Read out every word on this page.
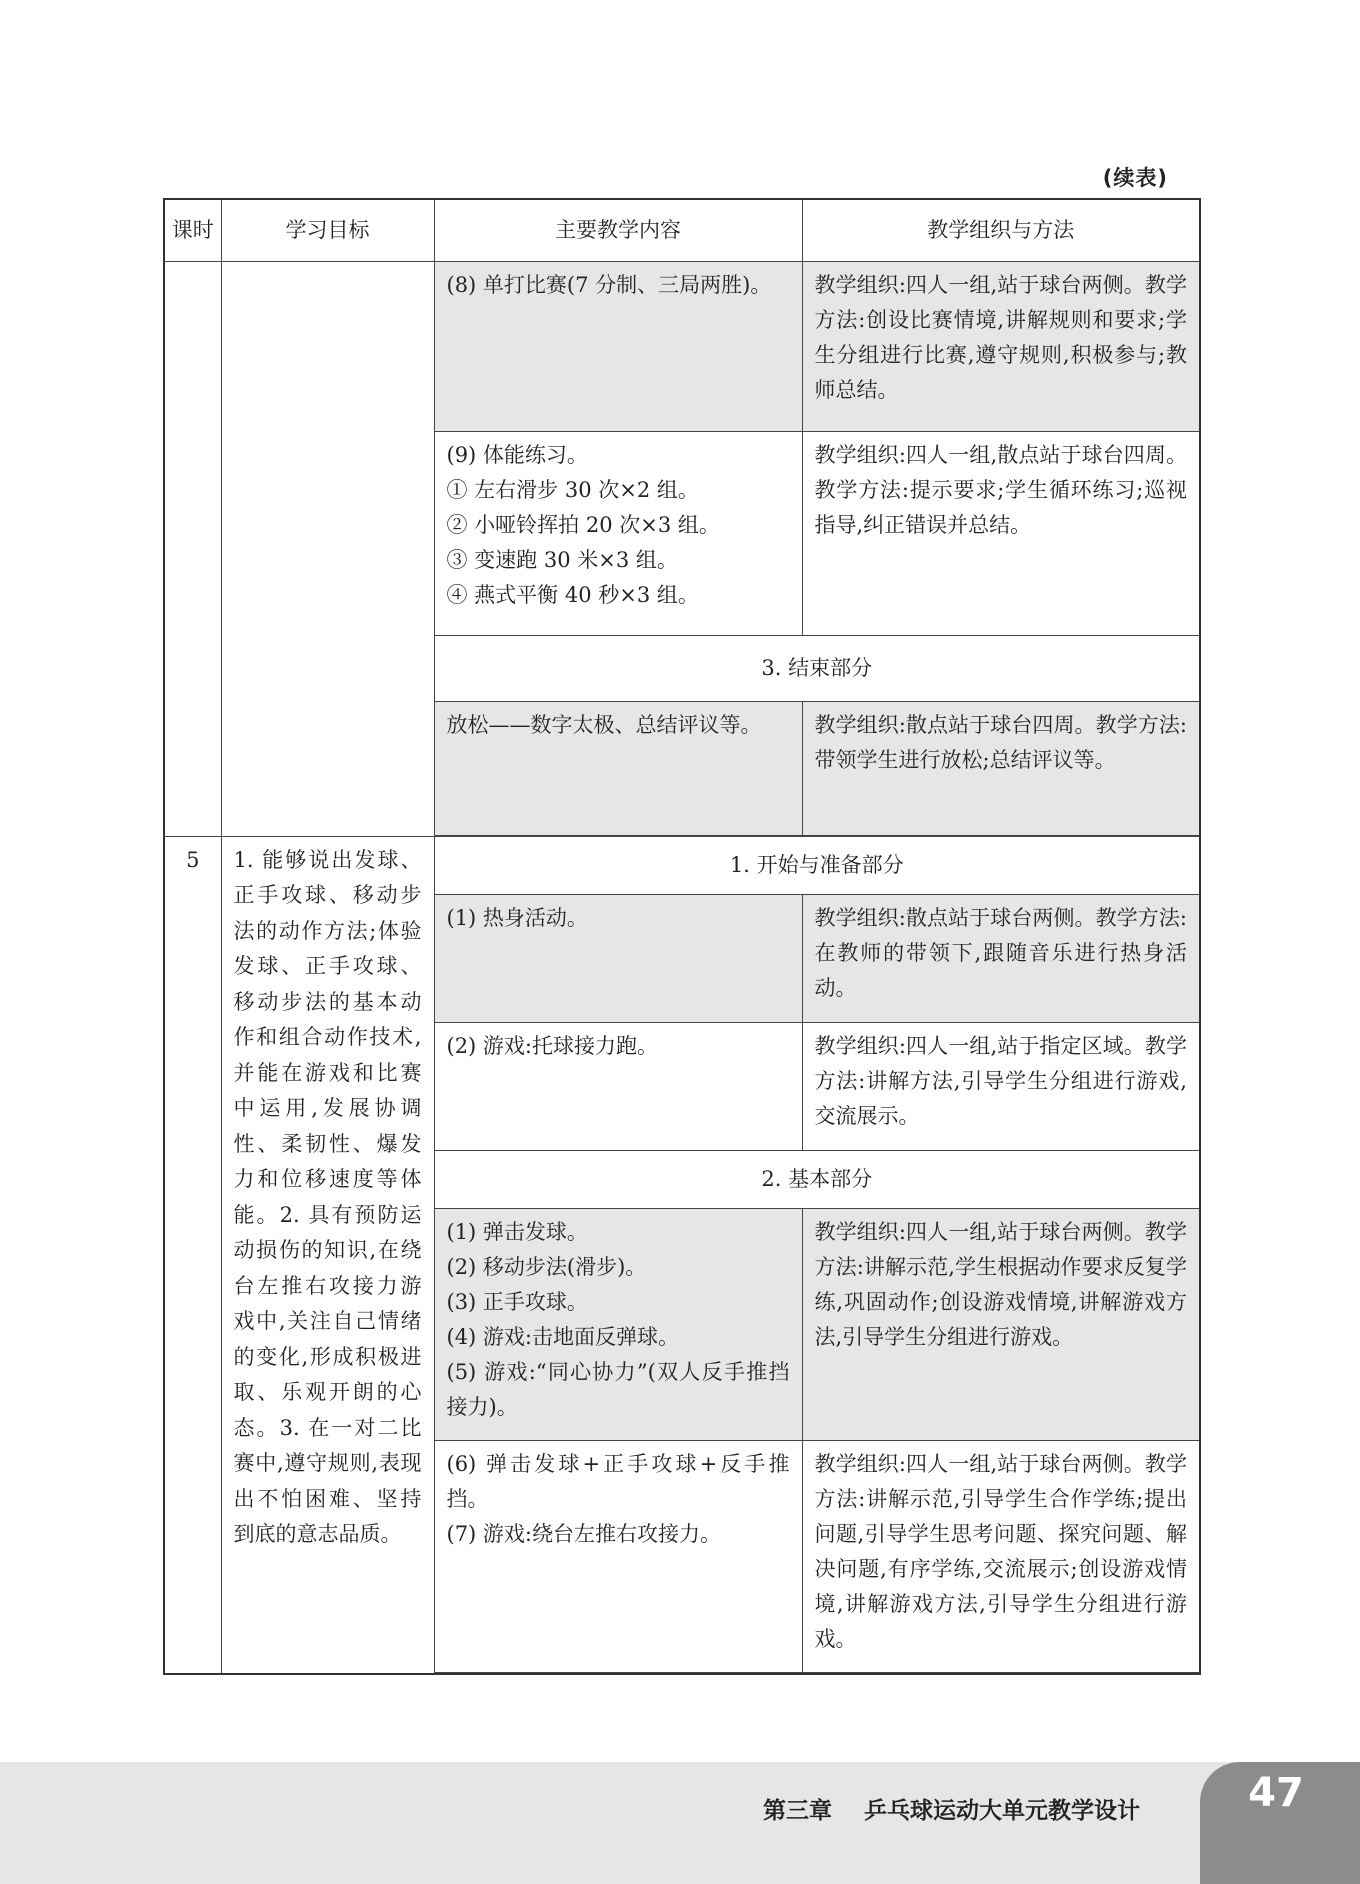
(续表)
课时	学习目标	主要教学内容	教学组织与方法

		(8) 单打比赛(7 分制、三局两胜)。	教学组织:四人一组,站于球台两侧。教学方法:创设比赛情境,讲解规则和要求;学生分组进行比赛,遵守规则,积极参与;教师总结。

		(9) 体能练习。
① 左右滑步 30 次×2 组。
② 小哑铃挥拍 20 次×3 组。
③ 变速跑 30 米×3 组。
④ 燕式平衡 40 秒×3 组。	教学组织:四人一组,散点站于球台四周。教学方法:提示要求;学生循环练习;巡视指导,纠正错误并总结。

		3. 结束部分	

		放松——数字太极、总结评议等。	教学组织:散点站于球台四周。教学方法:带领学生进行放松;总结评议等。

5	1. 能够说出发球、正手攻球、移动步法的动作方法;体验发球、正手攻球、移动步法的基本动作和组合动作技术,并能在游戏和比赛中运用,发展协调性、柔韧性、爆发力和位移速度等体能。2. 具有预防运动损伤的知识,在绕台左推右攻接力游戏中,关注自己情绪的变化,形成积极进取、乐观开朗的心态。3. 在一对二比赛中,遵守规则,表现出不怕困难、坚持到底的意志品质。	1. 开始与准备部分	

		(1) 热身活动。	教学组织:散点站于球台两侧。教学方法:在教师的带领下,跟随音乐进行热身活动。

		(2) 游戏:托球接力跑。	教学组织:四人一组,站于指定区域。教学方法:讲解方法,引导学生分组进行游戏,交流展示。

		2. 基本部分	

		(1) 弹击发球。
(2) 移动步法(滑步)。
(3) 正手攻球。
(4) 游戏:击地面反弹球。
(5) 游戏:“同心协力”(双人反手推挡接力)。	教学组织:四人一组,站于球台两侧。教学方法:讲解示范,学生根据动作要求反复学练,巩固动作;创设游戏情境,讲解游戏方法,引导学生分组进行游戏。

		(6) 弹击发球+正手攻球+反手推挡。
(7) 游戏:绕台左推右攻接力。	教学组织:四人一组,站于球台两侧。教学方法:讲解示范,引导学生合作学练;提出问题,引导学生思考问题、探究问题、解决问题,有序学练,交流展示;创设游戏情境,讲解游戏方法,引导学生分组进行游戏。

第三章    乒乓球运动大单元教学设计	47
